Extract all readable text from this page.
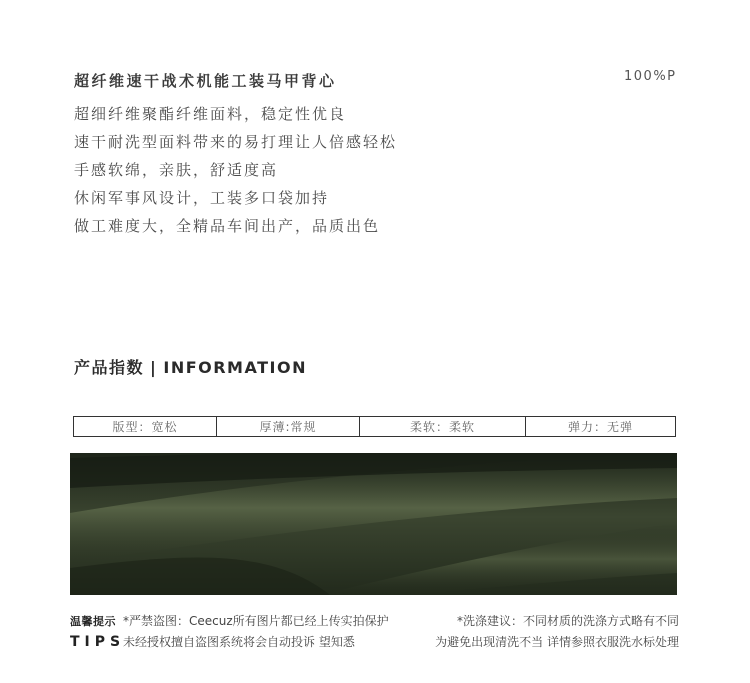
超纤维速干战术机能工装马甲背心	100%P
超细纤维聚酯纤维面料，稳定性优良
速干耐洗型面料带来的易打理让人倍感轻松
手感软绵，亲肤，舒适度高
休闲军事风设计，工装多口袋加持
做工难度大，全精品车间出产，品质出色
产品指数 | INFORMATION
版型：宽松	厚薄:常规	柔软：柔软	弹力：无弹
温馨提示
TIPS
*严禁盗图：Ceecuz所有图片都已经上传实拍保护
未经授权擅自盗图系统将会自动投诉 望知悉
*洗涤建议：不同材质的洗涤方式略有不同
为避免出现清洗不当 详情参照衣服洗水标处理
